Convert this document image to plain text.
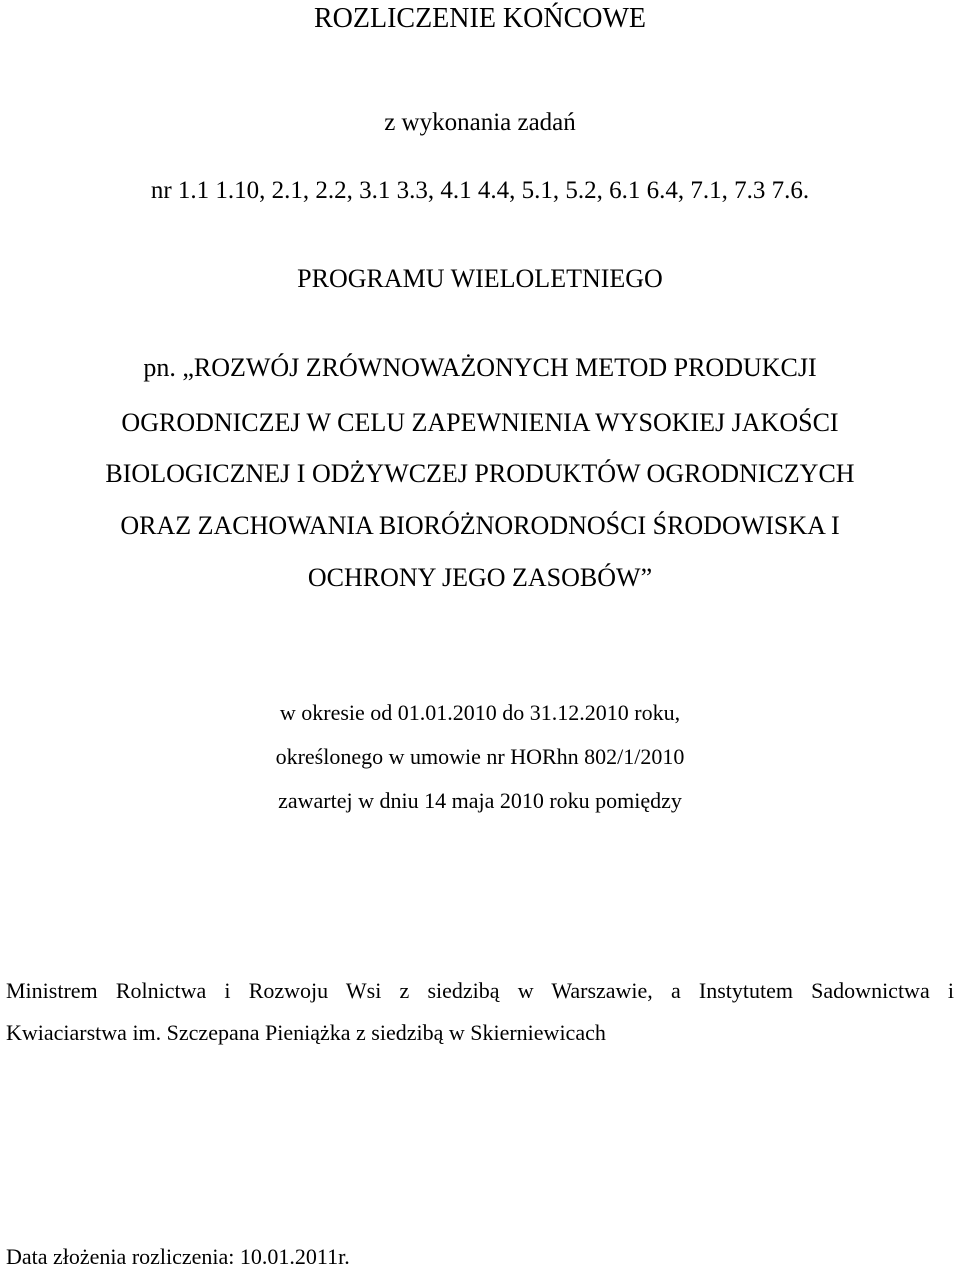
ROZLICZENIE KOŃCOWE
z wykonania zadań
nr 1.1 1.10, 2.1, 2.2, 3.1 3.3, 4.1 4.4, 5.1, 5.2, 6.1 6.4, 7.1, 7.3 7.6.
PROGRAMU WIELOLETNIEGO
pn. „ROZWÓJ ZRÓWNOWAŻONYCH METOD PRODUKCJI
OGRODNICZEJ W CELU ZAPEWNIENIA WYSOKIEJ JAKOŚCI
BIOLOGICZNEJ I ODŻYWCZEJ PRODUKTÓW OGRODNICZYCH
ORAZ ZACHOWANIA BIORÓŻNORODNOŚCI ŚRODOWISKA I
OCHRONY JEGO ZASOBÓW”
w okresie od 01.01.2010 do 31.12.2010 roku,
określonego w umowie nr HORhn 802/1/2010
zawartej w dniu 14 maja 2010 roku pomiędzy
Ministrem Rolnictwa i Rozwoju Wsi z siedzibą w Warszawie, a Instytutem Sadownictwa i
Kwiaciarstwa im. Szczepana Pieniążka z siedzibą w Skierniewicach
Data złożenia rozliczenia: 10.01.2011r.
